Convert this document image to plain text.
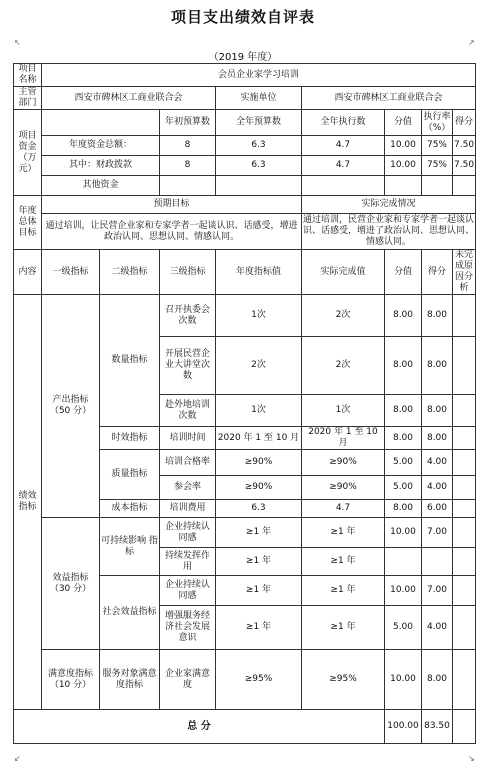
项目支出绩效自评表
↖	↗
（2019 年度）
项目名称	会员企业家学习培训							
主管部门	西安市碑林区工商业联合会			实施单位	西安市碑林区工商业联合会			
项目资金（万元）			年初预算数	全年预算数	全年执行数	分值	执行率（%）	得分
	年度资金总额：		8	6.3	4.7	10.00	75%	7.50
	其中：财政拨款		8	6.3	4.7	10.00	75%	7.50
	其他资金							
年度总体目标	预期目标				实际完成情况			
	通过培训，让民营企业家和专家学者一起谈认识、话感受，增进政治认同、思想认同、情感认同。				通过培训，民营企业家和专家学者一起谈认识、话感受，增进了政治认同、思想认同、情感认同。			
内容	一级指标	二级指标	三级指标	年度指标值	实际完成值	分值	得分	未完成原因分析
绩效指标	产出指标（50 分）	数量指标	召开执委会次数	1次	2次	8.00	8.00	
			开展民营企业大讲堂次数	2次	2次	8.00	8.00	
			赴外地培训次数	1次	1次	8.00	8.00	
		时效指标	培训时间	2020 年 1 至 10 月	2020 年 1 至 10 月	8.00	8.00	
		质量指标	培训合格率	≥90%	≥90%	5.00	4.00	
			参会率	≥90%	≥90%	5.00	4.00	
		成本指标	培训费用	6.3	4.7	8.00	6.00	
	效益指标（30 分）	可持续影响 指标	企业持续认同感	≥1 年	≥1 年	10.00	7.00	
			持续发挥作用	≥1 年	≥1 年			
		社会效益指标	企业持续认同感	≥1 年	≥1 年	10.00	7.00	
			增强服务经济社会发展意识	≥1 年	≥1 年	5.00	4.00	
	满意度指标（10 分）	服务对象满意度指标	企业家满意度	≥95%	≥95%	10.00	8.00	
总 分						100.00	83.50	
↙	↘
